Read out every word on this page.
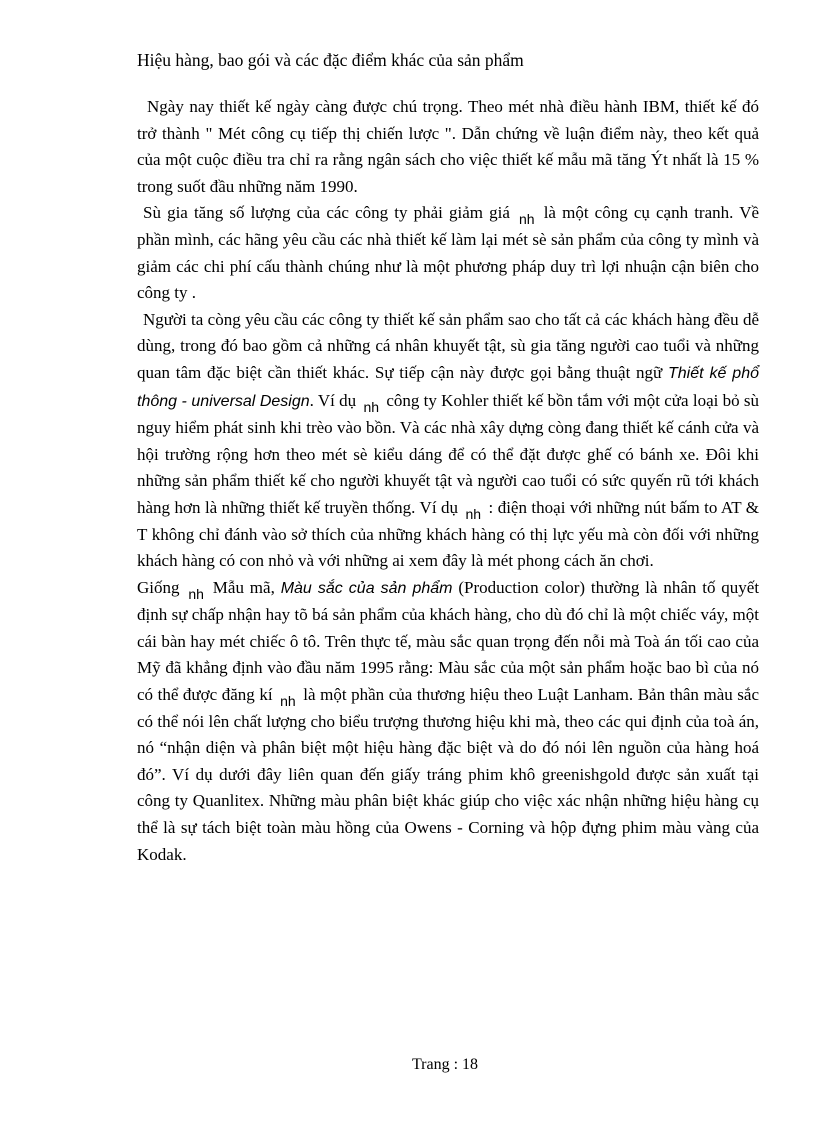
Hiệu hàng, bao gói và các đặc điểm khác của sản phẩm

Ngày nay thiết kế ngày càng được chú trọng. Theo mét nhà điều hành IBM, thiết kế đó trở thành " Mét công cụ tiếp thị chiến lược ". Dẫn chứng về luận điểm này, theo kết quả của một cuộc điều tra chỉ ra rằng ngân sách cho việc thiết kế mẫu mã tăng Ýt nhất là 15 % trong suốt đầu những năm 1990.

Sù gia tăng số lượng của các công ty phải giảm giá $_{nh}$ là một công cụ cạnh tranh. Về phần mình, các hãng yêu cầu các nhà thiết kế làm lại mét sè sản phẩm của công ty mình và giảm các chi phí cấu thành chúng như là một phương pháp duy trì lợi nhuận cận biên cho công ty .

Người ta còng yêu cầu các công ty thiết kế sản phẩm sao cho tất cả các khách hàng đều dễ dùng, trong đó bao gồm cả những cá nhân khuyết tật, sù gia tăng người cao tuổi và những quan tâm đặc biệt cần thiết khác. Sự tiếp cận này được gọi bằng thuật ngữ Thiết kế phổ thông - universal Design. Ví dụ $_{nh}$ công ty Kohler thiết kế bồn tắm với một cửa loại bỏ sù nguy hiểm phát sinh khi trèo vào bồn. Và các nhà xây dựng còng đang thiết kế cánh cửa và hội trường rộng hơn theo mét sè kiểu dáng để có thể đặt được ghế có bánh xe. Đôi khi những sản phẩm thiết kế cho người khuyết tật và người cao tuổi có sức quyến rũ tới khách hàng hơn là những thiết kế truyền thống. Ví dụ $_{nh}$ : điện thoại với những nút bấm to AT & T không chỉ đánh vào sở thích của những khách hàng có thị lực yếu mà còn đối với những khách hàng có con nhỏ và với những ai xem đây là mét phong cách ăn chơi.

Giống $_{nh}$ Mẫu mã, Màu sắc của sản phẩm (Production color) thường là nhân tố quyết định sự chấp nhận hay tõ bá sản phẩm của khách hàng, cho dù đó chỉ là một chiếc váy, một cái bàn hay mét chiếc ô tô. Trên thực tế, màu sắc quan trọng đến nỗi mà Toà án tối cao của Mỹ đã khẳng định vào đầu năm 1995 rằng: Màu sắc của một sản phẩm hoặc bao bì của nó có thể được đăng kí $_{nh}$ là một phần của thương hiệu theo Luật Lanham. Bản thân màu sắc có thể nói lên chất lượng cho biểu trượng thương hiệu khi mà, theo các qui định của toà án, nó “nhận diện và phân biệt một hiệu hàng đặc biệt và do đó nói lên nguồn của hàng hoá đó”. Ví dụ dưới đây liên quan đến giấy tráng phim khô greenishgold được sản xuất tại công ty Quanlitex. Những màu phân biệt khác giúp cho việc xác nhận những hiệu hàng cụ thể là sự tách biệt toàn màu hồng của Owens - Corning và hộp đựng phim màu vàng của Kodak.

Trang : 18
